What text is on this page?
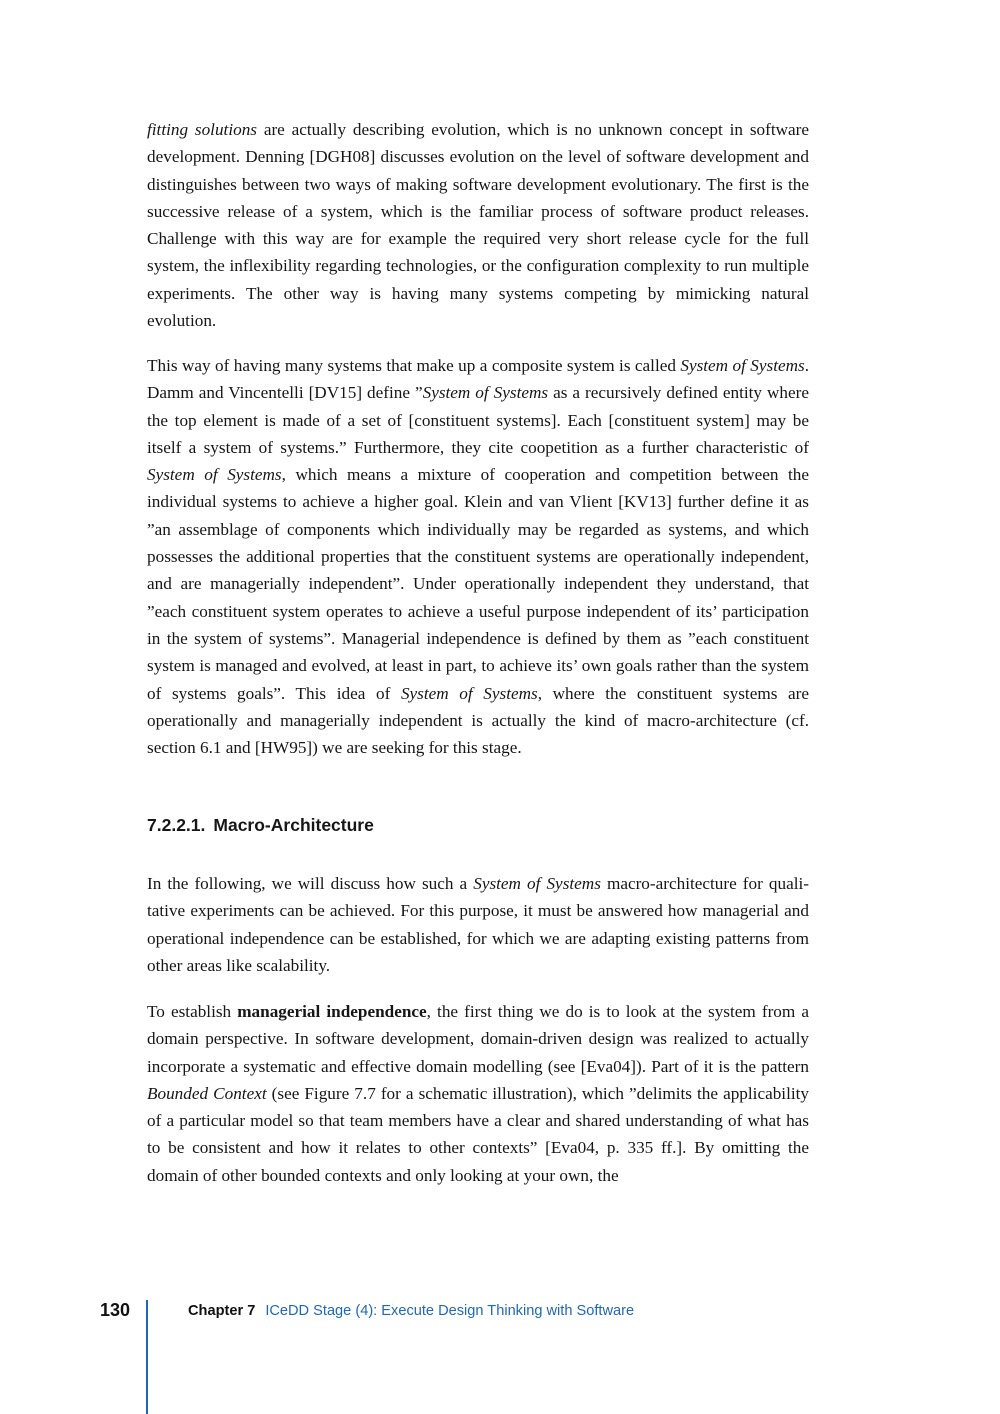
fitting solutions are actually describing evolution, which is no unknown concept in software development. Denning [DGH08] discusses evolution on the level of software development and distinguishes between two ways of making software development evolutionary. The first is the successive release of a system, which is the familiar process of software product releases. Challenge with this way are for example the required very short release cycle for the full system, the inflexibility regarding technologies, or the configuration complexity to run multiple experiments. The other way is having many systems competing by mimicking natural evolution.

This way of having many systems that make up a composite system is called System of Systems. Damm and Vincentelli [DV15] define ”System of Systems as a recursively defined entity where the top element is made of a set of [constituent systems]. Each [constituent system] may be itself a system of systems.” Furthermore, they cite coopetition as a further characteristic of System of Systems, which means a mixture of cooperation and competition between the individual systems to achieve a higher goal. Klein and van Vlient [KV13] further define it as ”an assemblage of components which individually may be regarded as systems, and which possesses the additional properties that the constituent systems are operationally independent, and are managerially independent”. Under operationally independent they understand, that ”each constituent system operates to achieve a useful purpose independent of its’ participation in the system of systems”. Managerial independence is defined by them as ”each constituent system is managed and evolved, at least in part, to achieve its’ own goals rather than the system of systems goals”. This idea of System of Systems, where the constituent systems are operationally and managerially independent is actually the kind of macro-architecture (cf. section 6.1 and [HW95]) we are seeking for this stage.

7.2.2.1. Macro-Architecture

In the following, we will discuss how such a System of Systems macro-architecture for quali-tative experiments can be achieved. For this purpose, it must be answered how managerial and operational independence can be established, for which we are adapting existing patterns from other areas like scalability.

To establish managerial independence, the first thing we do is to look at the system from a domain perspective. In software development, domain-driven design was realized to actually incorporate a systematic and effective domain modelling (see [Eva04]). Part of it is the pattern Bounded Context (see Figure 7.7 for a schematic illustration), which ”delimits the applicability of a particular model so that team members have a clear and shared understanding of what has to be consistent and how it relates to other contexts” [Eva04, p. 335 ff.]. By omitting the domain of other bounded contexts and only looking at your own, the

130	Chapter 7 ICeDD Stage (4): Execute Design Thinking with Software
